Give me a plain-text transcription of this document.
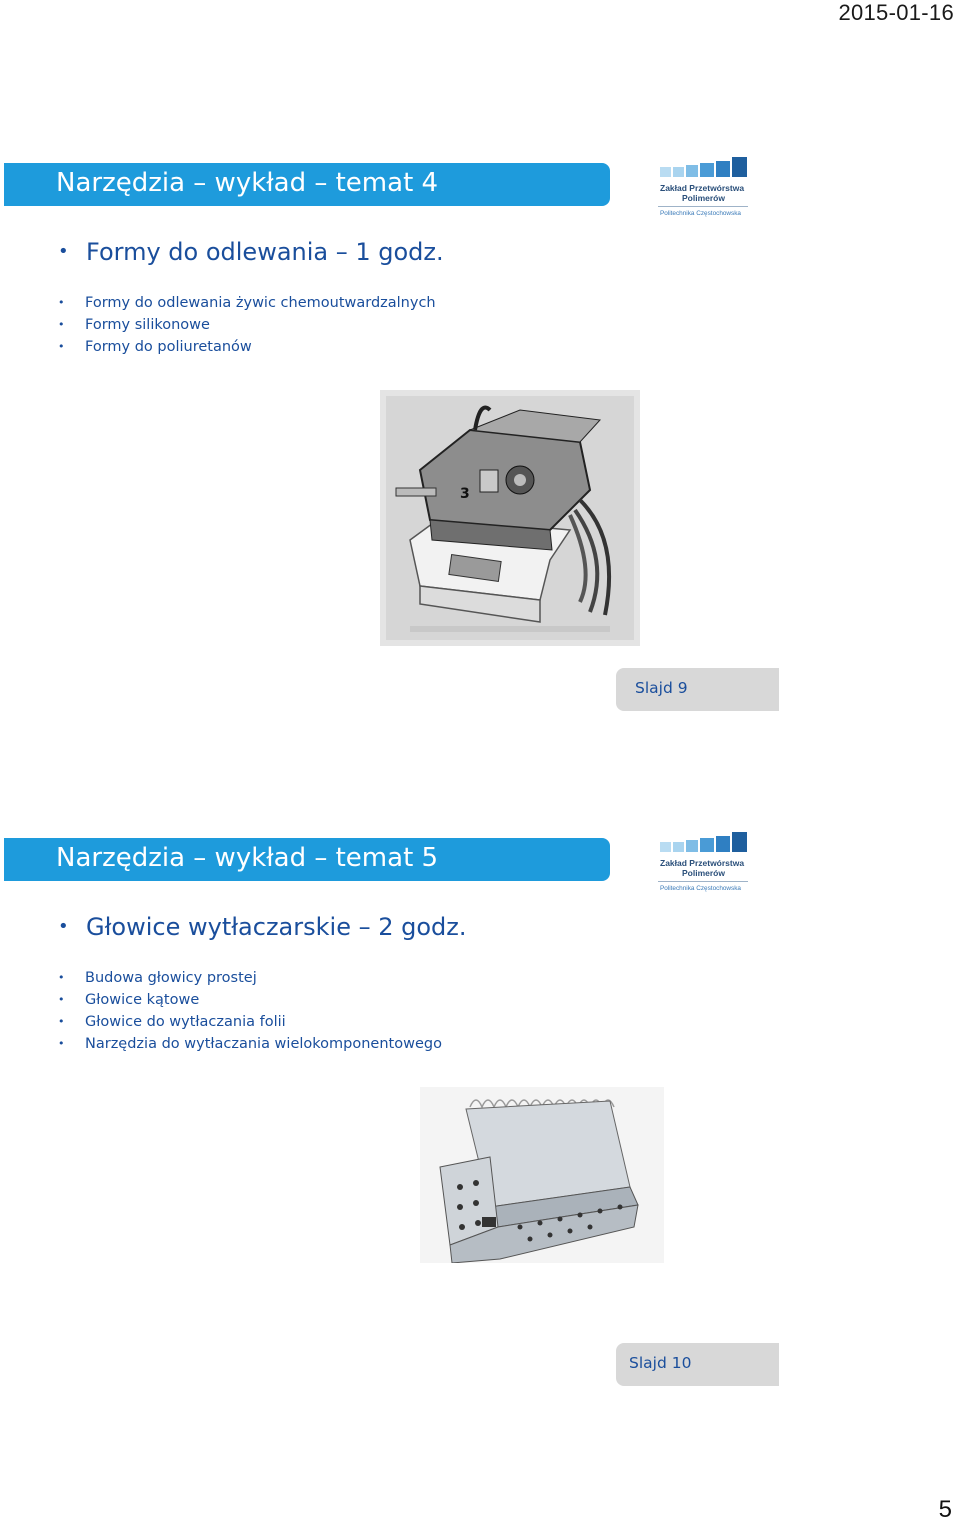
2015-01-16
Narzędzia – wykład – temat 4	Zakład Przetwórstwa
Polimerów
Politechnika Częstochowska
• Formy do odlewania – 1 godz.
• Formy do odlewania żywic chemoutwardzalnych
• Formy silikonowe
• Formy do poliuretanów
3
Slajd 9
Narzędzia – wykład – temat 5	Zakład Przetwórstwa
Polimerów
Politechnika Częstochowska
• Głowice wytłaczarskie – 2 godz.
• Budowa głowicy prostej
• Głowice kątowe
• Głowice do wytłaczania folii
• Narzędzia do wytłaczania wielokomponentowego
Slajd 10
5
